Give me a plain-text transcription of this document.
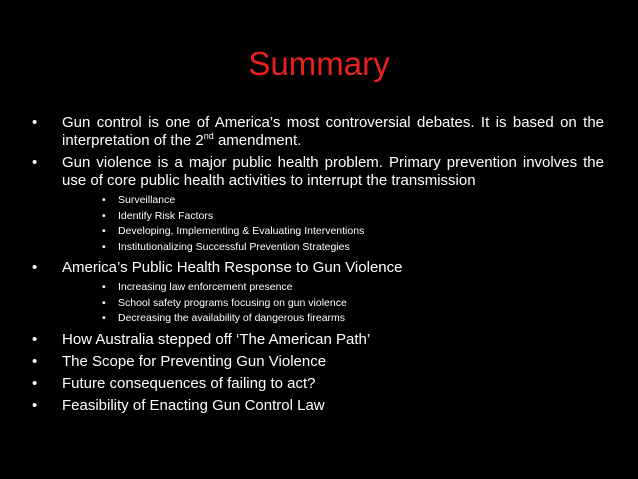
Summary
• Gun control is one of America’s most controversial debates. It is based on the interpretation of the 2nd amendment.
• Gun violence is a major public health problem. Primary prevention involves the use of core public health activities to interrupt the transmission
• Surveillance
• Identify Risk Factors
• Developing, Implementing & Evaluating Interventions
• Institutionalizing Successful Prevention Strategies
• America’s Public Health Response to Gun Violence
• Increasing law enforcement presence
• School safety programs focusing on gun violence
• Decreasing the availability of dangerous firearms
• How Australia stepped off ‘The American Path’
• The Scope for Preventing Gun Violence
• Future consequences of failing to act?
• Feasibility of Enacting Gun Control Law
